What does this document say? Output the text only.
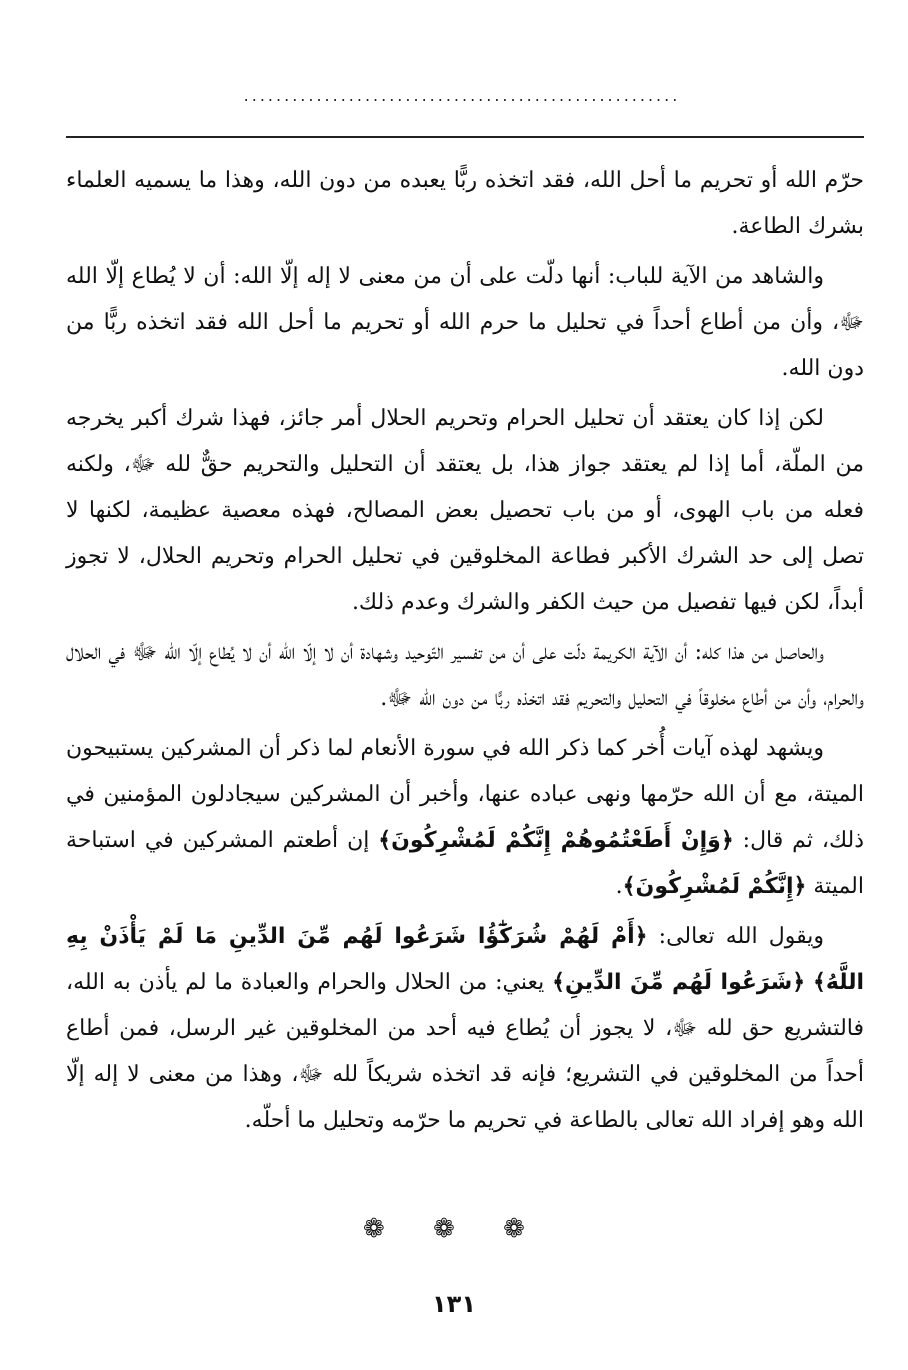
......................................................

حرّم الله أو تحريم ما أحل الله، فقد اتخذه ربًّا يعبده من دون الله، وهذا ما يسميه العلماء بشرك الطاعة.

والشاهد من الآية للباب: أنها دلّت على أن من معنى لا إله إلّا الله: أن لا يُطاع إلّا الله ﷻ، وأن من أطاع أحداً في تحليل ما حرم الله أو تحريم ما أحل الله فقد اتخذه ربًّا من دون الله.

لكن إذا كان يعتقد أن تحليل الحرام وتحريم الحلال أمر جائز، فهذا شرك أكبر يخرجه من الملّة، أما إذا لم يعتقد جواز هذا، بل يعتقد أن التحليل والتحريم حقٌّ لله ﷻ، ولكنه فعله من باب الهوى، أو من باب تحصيل بعض المصالح، فهذه معصية عظيمة، لكنها لا تصل إلى حد الشرك الأكبر فطاعة المخلوقين في تحليل الحرام وتحريم الحلال، لا تجوز أبداً، لكن فيها تفصيل من حيث الكفر والشرك وعدم ذلك.

والحاصل من هذا كله: أن الآية الكريمة دلّت على أن من تفسير التّوحيد وشهادة أن لا إلّا الله أن لا يُطاع إلّا الله ﷻ في الحلال والحرام، وأن من أطاع مخلوقاً في التحليل والتحريم فقد اتخذه ربًّا من دون الله ﷻ.

ويشهد لهذه آيات أُخر كما ذكر الله في سورة الأنعام لما ذكر أن المشركين يستبيحون الميتة، مع أن الله حرّمها ونهى عباده عنها، وأخبر أن المشركين سيجادلون المؤمنين في ذلك، ثم قال: ﴿وَإِنْ أَطَعْتُمُوهُمْ إِنَّكُمْ لَمُشْرِكُونَ﴾ إن أطعتم المشركين في استباحة الميتة ﴿إِنَّكُمْ لَمُشْرِكُونَ﴾.

ويقول الله تعالى: ﴿أَمْ لَهُمْ شُرَكَٰٓؤُا شَرَعُوا لَهُم مِّنَ الدِّينِ مَا لَمْ يَأْذَنْ بِهِ اللَّهُ﴾ ﴿شَرَعُوا لَهُم مِّنَ الدِّينِ﴾ يعني: من الحلال والحرام والعبادة ما لم يأذن به الله، فالتشريع حق لله ﷻ، لا يجوز أن يُطاع فيه أحد من المخلوقين غير الرسل، فمن أطاع أحداً من المخلوقين في التشريع؛ فإنه قد اتخذه شريكاً لله ﷻ، وهذا من معنى لا إله إلّا الله وهو إفراد الله تعالى بالطاعة في تحريم ما حرّمه وتحليل ما أحلّه.

❁ ❁ ❁
١٣١
